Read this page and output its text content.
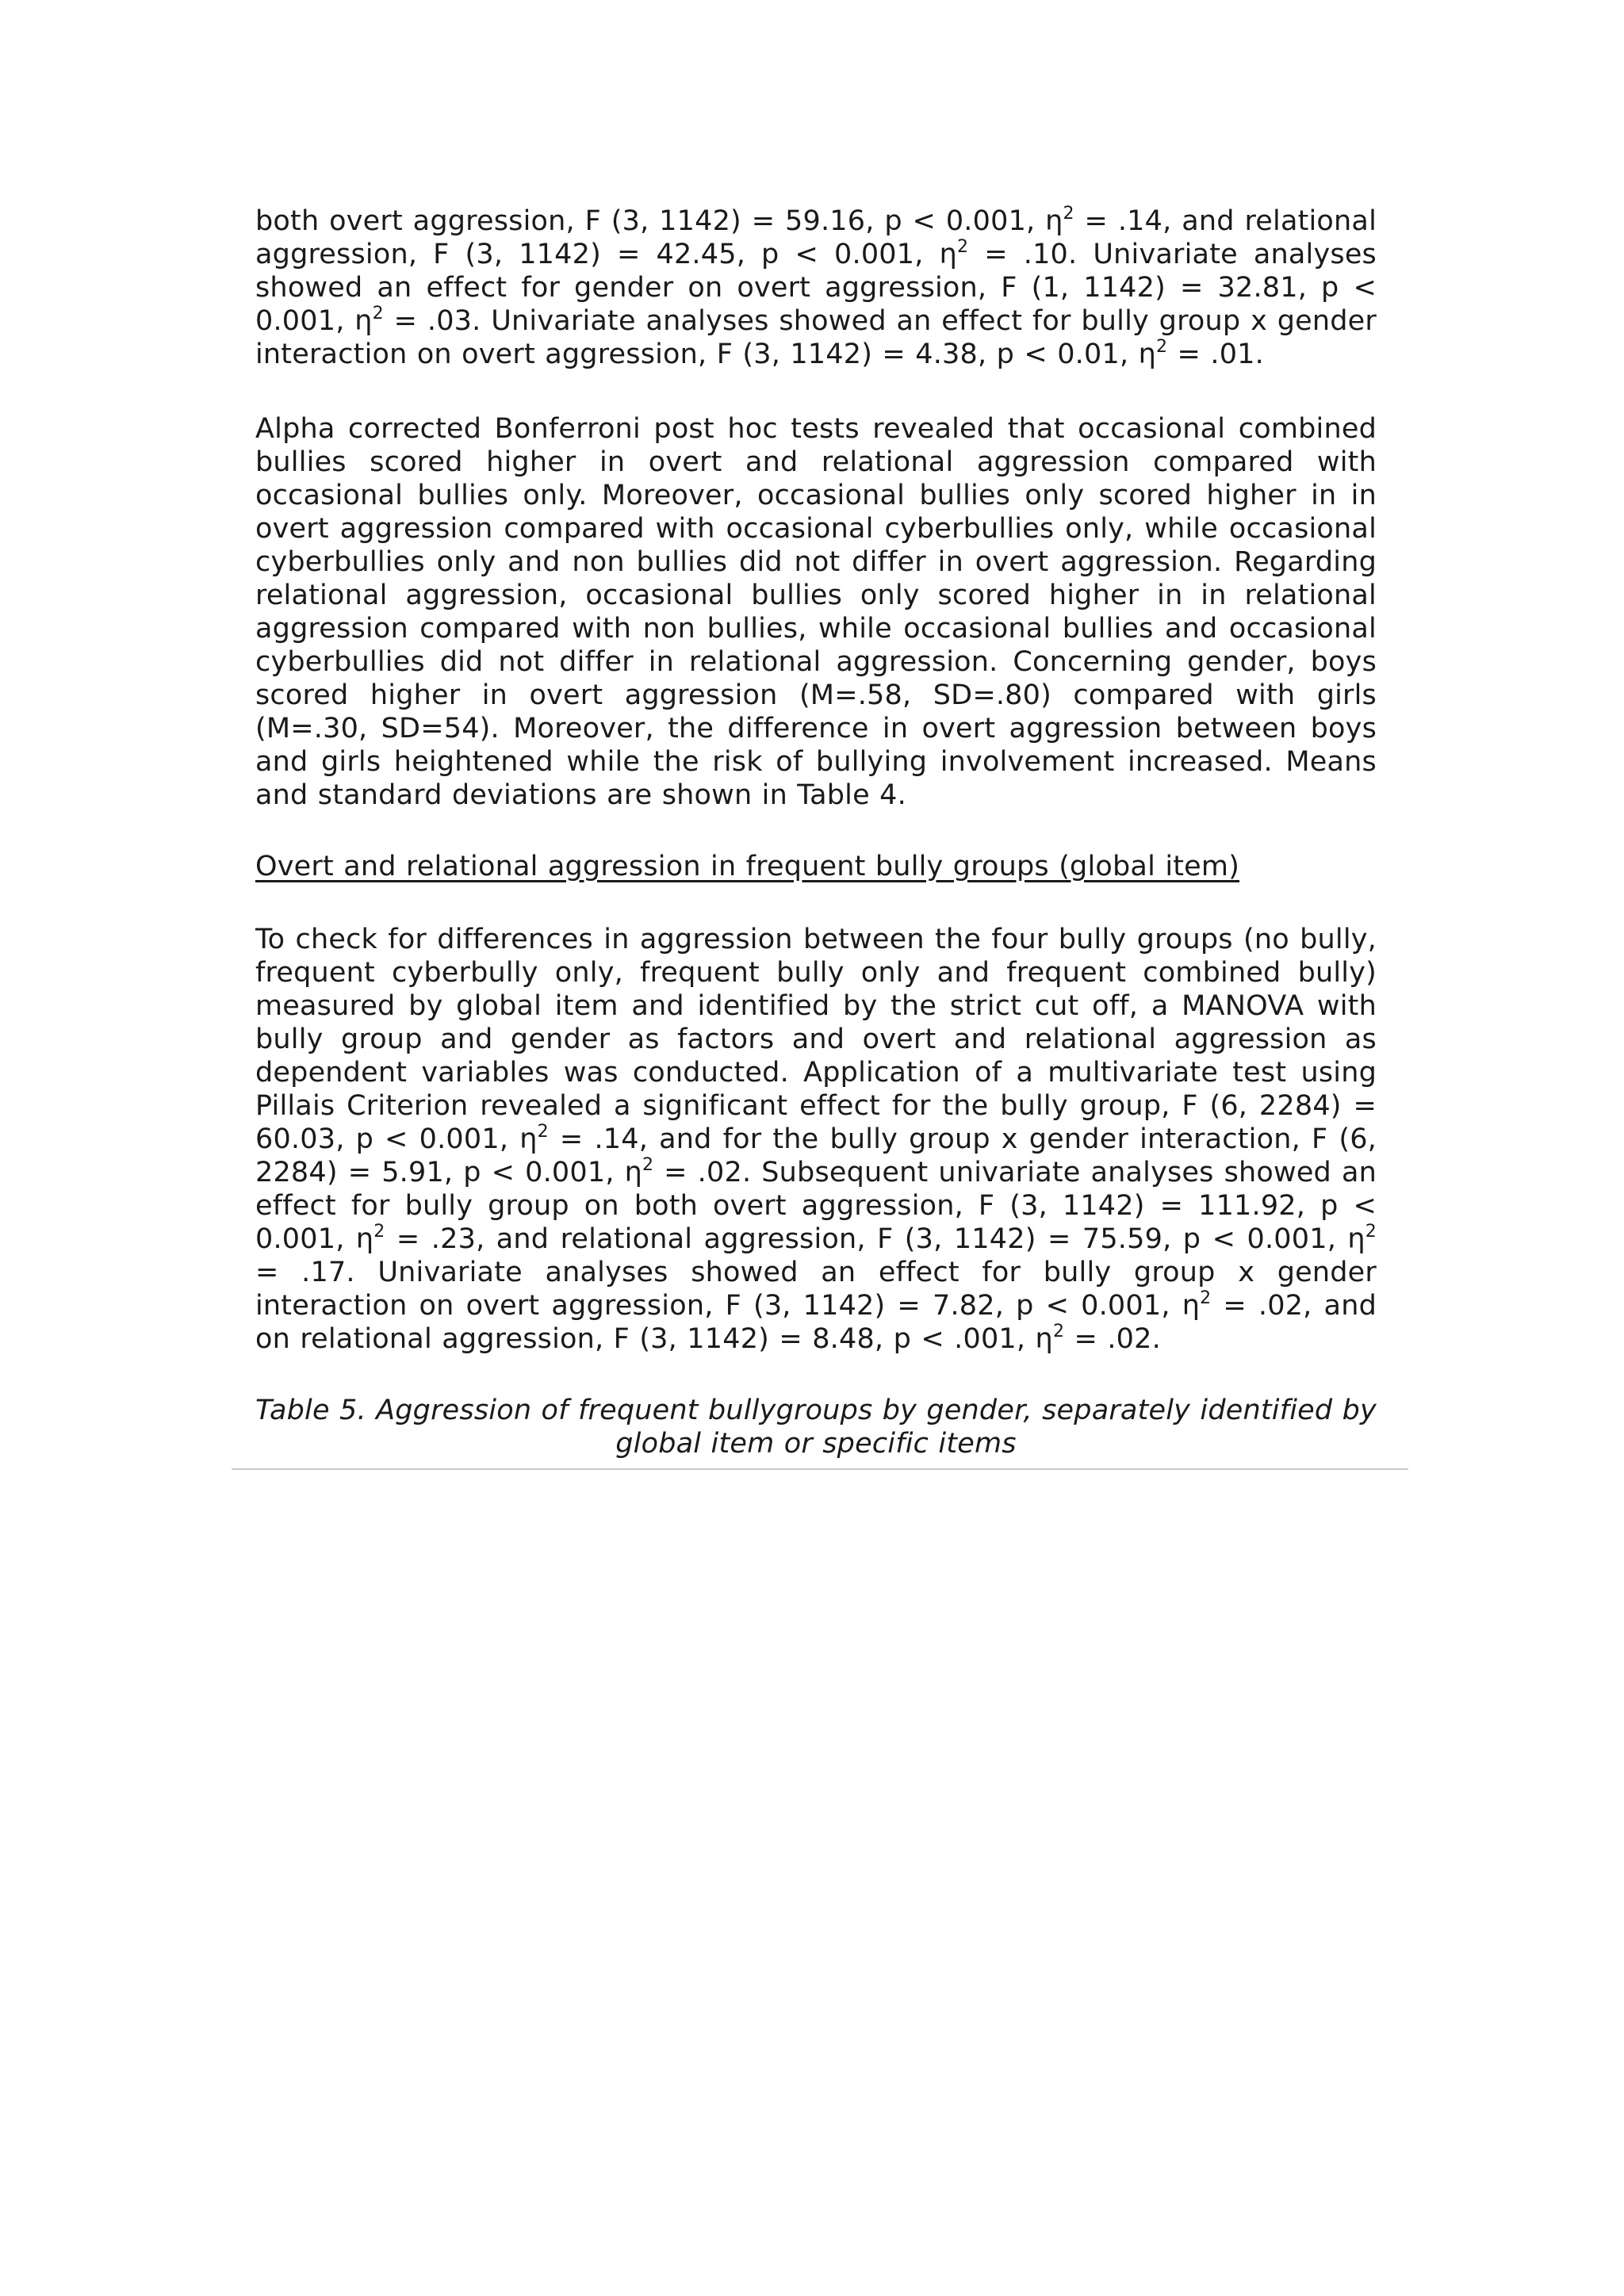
both overt aggression, F (3, 1142) = 59.16, p < 0.001, $\eta^2 = .14$, and relational aggression, F (3, 1142) = 42.45, p < 0.001, $\eta^2 = .10$. Univariate analyses showed an effect for gender on overt aggression, F (1, 1142) = 32.81, p < 0.001, $\eta^2 = .03$. Univariate analyses showed an effect for bully group x gender interaction on overt aggression, F (3, 1142) = 4.38, p < 0.01, $\eta^2 = .01$.
Alpha corrected Bonferroni post hoc tests revealed that occasional combined bullies scored higher in overt and relational aggression compared with occasional bullies only. Moreover, occasional bullies only scored higher in in overt aggression compared with occasional cyberbullies only, while occasional cyberbullies only and non bullies did not differ in overt aggression. Regarding relational aggression, occasional bullies only scored higher in in relational aggression compared with non bullies, while occasional bullies and occasional cyberbullies did not differ in relational aggression. Concerning gender, boys scored higher in overt aggression (M=.58, SD=.80) compared with girls (M=.30, SD=54). Moreover, the difference in overt aggression between boys and girls heightened while the risk of bullying involvement increased. Means and standard deviations are shown in Table 4.
Overt and relational aggression in frequent bully groups (global item)
To check for differences in aggression between the four bully groups (no bully, frequent cyberbully only, frequent bully only and frequent combined bully) measured by global item and identified by the strict cut off, a MANOVA with bully group and gender as factors and overt and relational aggression as dependent variables was conducted. Application of a multivariate test using Pillais Criterion revealed a significant effect for the bully group, F (6, 2284) = 60.03, p < 0.001, $\eta^2 = .14$, and for the bully group x gender interaction, F (6, 2284) = 5.91, p < 0.001, $\eta^2 = .02$. Subsequent univariate analyses showed an effect for bully group on both overt aggression, F (3, 1142) = 111.92, p < 0.001, $\eta^2 = .23$, and relational aggression, F (3, 1142) = 75.59, p < 0.001, $\eta^2 = .17$. Univariate analyses showed an effect for bully group x gender interaction on overt aggression, F (3, 1142) = 7.82, p < 0.001, $\eta^2 = .02$, and on relational aggression, F (3, 1142) = 8.48, p < .001, $\eta^2 = .02$.
Table 5. Aggression of frequent bullygroups by gender, separately identified by global item or specific items
